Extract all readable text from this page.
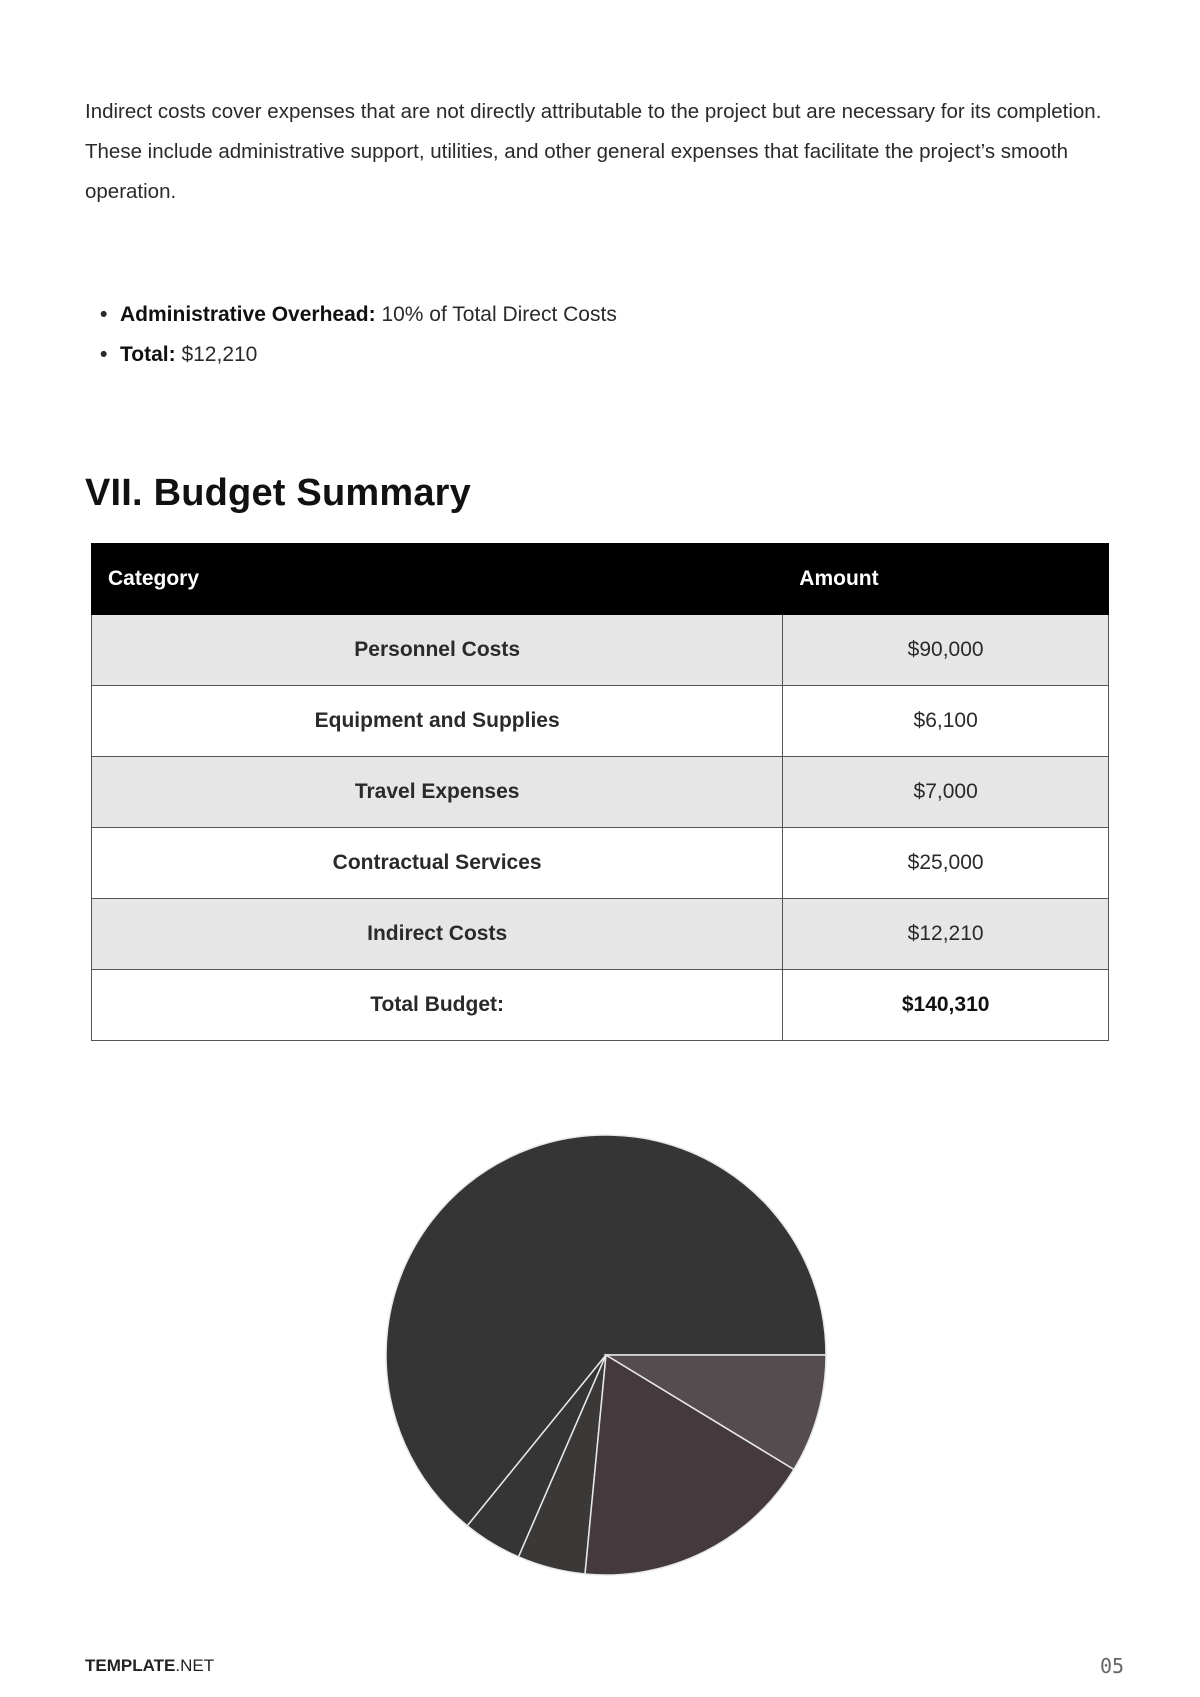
Indirect costs cover expenses that are not directly attributable to the project but are necessary for its completion. These include administrative support, utilities, and other general expenses that facilitate the project’s smooth operation.

• Administrative Overhead: 10% of Total Direct Costs
• Total: $12,210
VII. Budget Summary
Category	Amount
Personnel Costs	$90,000
Equipment and Supplies	$6,100
Travel Expenses	$7,000
Contractual Services	$25,000
Indirect Costs	$12,210
Total Budget:	$140,310
TEMPLATE.NET	05
